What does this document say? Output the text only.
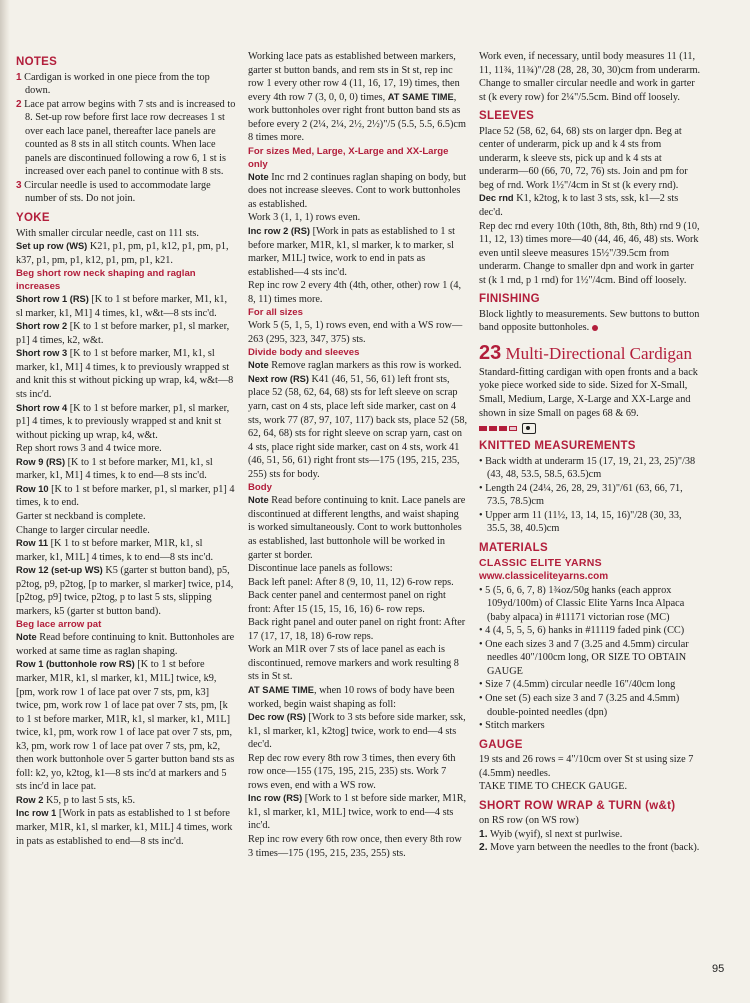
NOTES

1 Cardigan is worked in one piece from the top down.

2 Lace pat arrow begins with 7 sts and is increased to 8. Set-up row before first lace row decreases 1 st over each lace panel, thereafter lace panels are counted as 8 sts in all stitch counts. When lace panels are discontinued following a row 6, 1 st is increased over each panel to continue with 8 sts.

3 Circular needle is used to accommodate large number of sts. Do not join.

YOKE

With smaller circular needle, cast on 111 sts.

Set up row (WS) K21, p1, pm, p1, k12, p1, pm, p1, k37, p1, pm, p1, k12, p1, pm, p1, k21.

Beg short row neck shaping and raglan increases

Short row 1 (RS) [K to 1 st before marker, M1, k1, sl marker, k1, M1] 4 times, k1, w&t—8 sts inc'd.

Short row 2 [K to 1 st before marker, p1, sl marker, p1] 4 times, k2, w&t.

Short row 3 [K to 1 st before marker, M1, k1, sl marker, k1, M1] 4 times, k to previously wrapped st and knit this st without picking up wrap, k4, w&t—8 sts inc'd.

Short row 4 [K to 1 st before marker, p1, sl marker, p1] 4 times, k to previously wrapped st and knit st without picking up wrap, k4, w&t.

Rep short rows 3 and 4 twice more.

Row 9 (RS) [K to 1 st before marker, M1, k1, sl marker, k1, M1] 4 times, k to end—8 sts inc'd.

Row 10 [K to 1 st before marker, p1, sl marker, p1] 4 times, k to end.

Garter st neckband is complete.

Change to larger circular needle.

Row 11 [K 1 to st before marker, M1R, k1, sl marker, k1, M1L] 4 times, k to end—8 sts inc'd.

Row 12 (set-up WS) K5 (garter st button band), p5, p2tog, p9, p2tog, [p to marker, sl marker] twice, p14, [p2tog, p9] twice, p2tog, p to last 5 sts, slipping markers, k5 (garter st button band).

Beg lace arrow pat

Note Read before continuing to knit. Buttonholes are worked at same time as raglan shaping.

Row 1 (buttonhole row RS) [K to 1 st before marker, M1R, k1, sl marker, k1, M1L] twice, k9, [pm, work row 1 of lace pat over 7 sts, pm, k3] twice, pm, work row 1 of lace pat over 7 sts, pm, [k to 1 st before marker, M1R, k1, sl marker, k1, M1L] twice, k1, pm, work row 1 of lace pat over 7 sts, pm, k3, pm, work row 1 of lace pat over 7 sts, pm, k2, then work buttonhole over 5 garter button band sts as foll: k2, yo, k2tog, k1—8 sts inc'd at markers and 5 sts inc'd in lace pat.

Row 2 K5, p to last 5 sts, k5.

Inc row 1 [Work in pats as established to 1 st before marker, M1R, k1, sl marker, k1, M1L] 4 times, work in pats as established to end—8 sts inc'd.

Working lace pats as established between markers, garter st button bands, and rem sts in St st, rep inc row 1 every other row 4 (11, 16, 17, 19) times, then every 4th row 7 (3, 0, 0, 0) times, AT SAME TIME, work buttonholes over right front button band sts as before every 2 (2¼, 2¼, 2½, 2½)"/5 (5.5, 5.5, 6.5)cm 8 times more.

For sizes Med, Large, X-Large and XX-Large only

Note Inc rnd 2 continues raglan shaping on body, but does not increase sleeves. Cont to work buttonholes as established.

Work 3 (1, 1, 1) rows even.

Inc row 2 (RS) [Work in pats as established to 1 st before marker, M1R, k1, sl marker, k to marker, sl marker, M1L] twice, work to end in pats as established—4 sts inc'd.

Rep inc row 2 every 4th (4th, other, other) row 1 (4, 8, 11) times more.

For all sizes

Work 5 (5, 1, 5, 1) rows even, end with a WS row—263 (295, 323, 347, 375) sts.

Divide body and sleeves

Note Remove raglan markers as this row is worked.

Next row (RS) K41 (46, 51, 56, 61) left front sts, place 52 (58, 62, 64, 68) sts for left sleeve on scrap yarn, cast on 4 sts, place left side marker, cast on 4 sts, work 77 (87, 97, 107, 117) back sts, place 52 (58, 62, 64, 68) sts for right sleeve on scrap yarn, cast on 4 sts, place right side marker, cast on 4 sts, work 41 (46, 51, 56, 61) right front sts—175 (195, 215, 235, 255) sts for body.

Body

Note Read before continuing to knit. Lace panels are discontinued at different lengths, and waist shaping is worked simultaneously. Cont to work buttonholes as established, last buttonhole will be worked in garter st border.

Discontinue lace panels as follows:

Back left panel: After 8 (9, 10, 11, 12) 6-row reps.

Back center panel and centermost panel on right front: After 15 (15, 15, 16, 16) 6- row reps.

Back right panel and outer panel on right front: After 17 (17, 17, 18, 18) 6-row reps.

Work an M1R over 7 sts of lace panel as each is discontinued, remove markers and work resulting 8 sts in St st.

AT SAME TIME, when 10 rows of body have been worked, begin waist shaping as foll:

Dec row (RS) [Work to 3 sts before side marker, ssk, k1, sl marker, k1, k2tog] twice, work to end—4 sts dec'd.

Rep dec row every 8th row 3 times, then every 6th row once—155 (175, 195, 215, 235) sts. Work 7 rows even, end with a WS row.

Inc row (RS) [Work to 1 st before side marker, M1R, k1, sl marker, k1, M1L] twice, work to end—4 sts inc'd.

Rep inc row every 6th row once, then every 8th row 3 times—175 (195, 215, 235, 255) sts.

Work even, if necessary, until body measures 11 (11, 11, 11¾, 11¾)"/28 (28, 28, 30, 30)cm from underarm. Change to smaller circular needle and work in garter st (k every row) for 2¼"/5.5cm. Bind off loosely.

SLEEVES

Place 52 (58, 62, 64, 68) sts on larger dpn. Beg at center of underarm, pick up and k 4 sts from underarm, k sleeve sts, pick up and k 4 sts at underarm—60 (66, 70, 72, 76) sts. Join and pm for beg of rnd. Work 1½"/4cm in St st (k every rnd).

Dec rnd K1, k2tog, k to last 3 sts, ssk, k1—2 sts dec'd.

Rep dec rnd every 10th (10th, 8th, 8th, 8th) rnd 9 (10, 11, 12, 13) times more—40 (44, 46, 46, 48) sts. Work even until sleeve measures 15½"/39.5cm from underarm. Change to smaller dpn and work in garter st (k 1 rnd, p 1 rnd) for 1½"/4cm. Bind off loosely.

FINISHING

Block lightly to measurements. Sew buttons to button band opposite buttonholes.

23 Multi-Directional Cardigan

Standard-fitting cardigan with open fronts and a back yoke piece worked side to side. Sized for X-Small, Small, Medium, Large, X-Large and XX-Large and shown in size Small on pages 68 & 69.

KNITTED MEASUREMENTS

• Back width at underarm 15 (17, 19, 21, 23, 25)"/38 (43, 48, 53.5, 58.5, 63.5)cm

• Length 24 (24¼, 26, 28, 29, 31)"/61 (63, 66, 71, 73.5, 78.5)cm

• Upper arm 11 (11½, 13, 14, 15, 16)"/28 (30, 33, 35.5, 38, 40.5)cm

MATERIALS

CLASSIC ELITE YARNS

www.classiceliteyarns.com

• 5 (5, 6, 6, 7, 8) 1¾oz/50g hanks (each approx 109yd/100m) of Classic Elite Yarns Inca Alpaca (baby alpaca) in #11171 victorian rose (MC)

• 4 (4, 5, 5, 5, 6) hanks in #11119 faded pink (CC)

• One each sizes 3 and 7 (3.25 and 4.5mm) circular needles 40"/100cm long, OR SIZE TO OBTAIN GAUGE

• Size 7 (4.5mm) circular needle 16"/40cm long

• One set (5) each size 3 and 7 (3.25 and 4.5mm) double-pointed needles (dpn)

• Stitch markers

GAUGE

19 sts and 26 rows = 4"/10cm over St st using size 7 (4.5mm) needles.

TAKE TIME TO CHECK GAUGE.

SHORT ROW WRAP & TURN (w&t)

on RS row (on WS row)

1. Wyib (wyif), sl next st purlwise.

2. Move yarn between the needles to the front (back).

95
